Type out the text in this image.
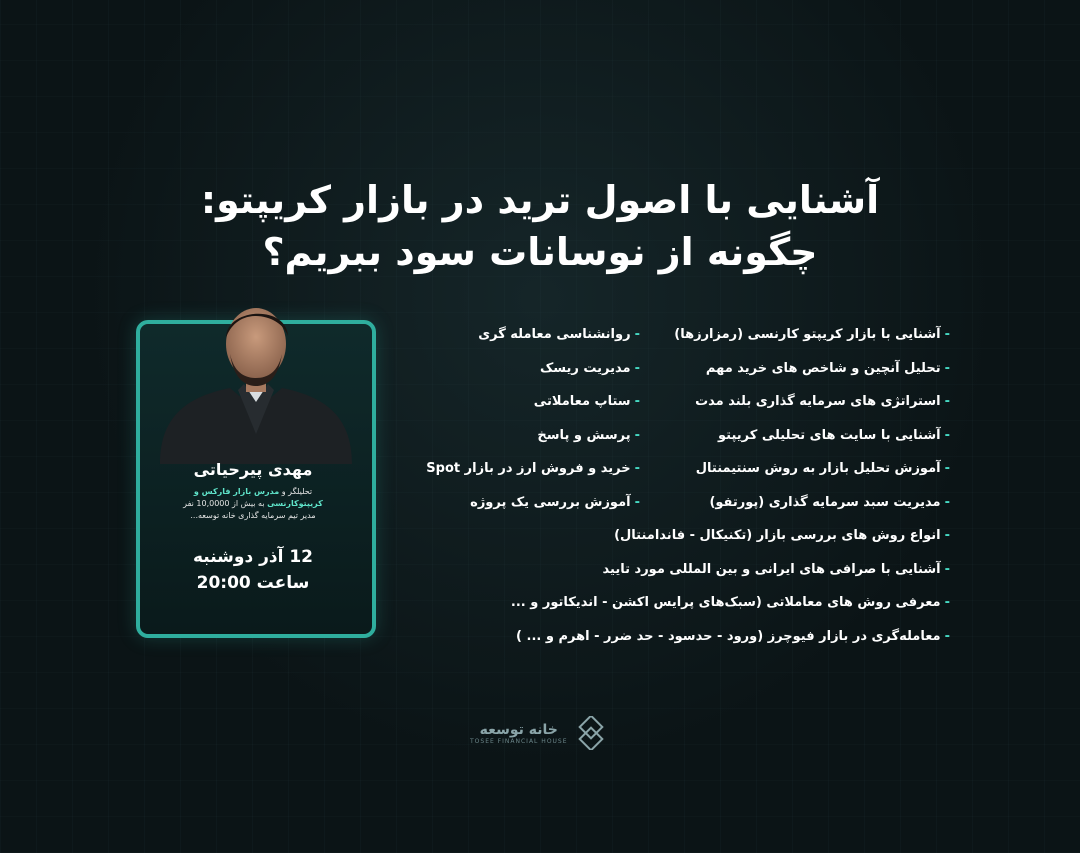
آشنایی با اصول ترید در بازار کریپتو:
چگونه از نوسانات سود ببریم؟
مهدی پیرحیاتی
تحلیلگر و مدرس بازار فارکس و
کریپتوکارنسی به بیش از 10,0000 نفر
مدیر تیم سرمایه گذاری خانه توسعه...
12 آذر دوشنبه
ساعت 20:00
-آشنایی با بازار کریپتو کارنسی (رمزارزها)
-روانشناسی معامله گری
-تحلیل آنچین و شاخص های خرید مهم
-مدیریت ریسک
-استراتژی های سرمایه گذاری بلند مدت
-ستاپ معاملاتی
-آشنایی با سایت های تحلیلی کریپتو
-پرسش و پاسخ
-آموزش تحلیل بازار به روش سنتیمنتال
-خرید و فروش ارز در بازار Spot
-مدیریت سبد سرمایه گذاری (پورتفو)
-آموزش بررسی یک پروژه
-انواع روش های بررسی بازار (تکنیکال - فاندامنتال)
-آشنایی با صرافی های ایرانی و بین المللی مورد تایید
-معرفی روش های معاملاتی (سبک‌های پرایس اکشن - اندیکاتور و ...
-معامله‌گری در بازار فیوچرز (ورود - حدسود - حد ضرر - اهرم و ... )
خانه توسعه
TOSEE FINANCIAL HOUSE
